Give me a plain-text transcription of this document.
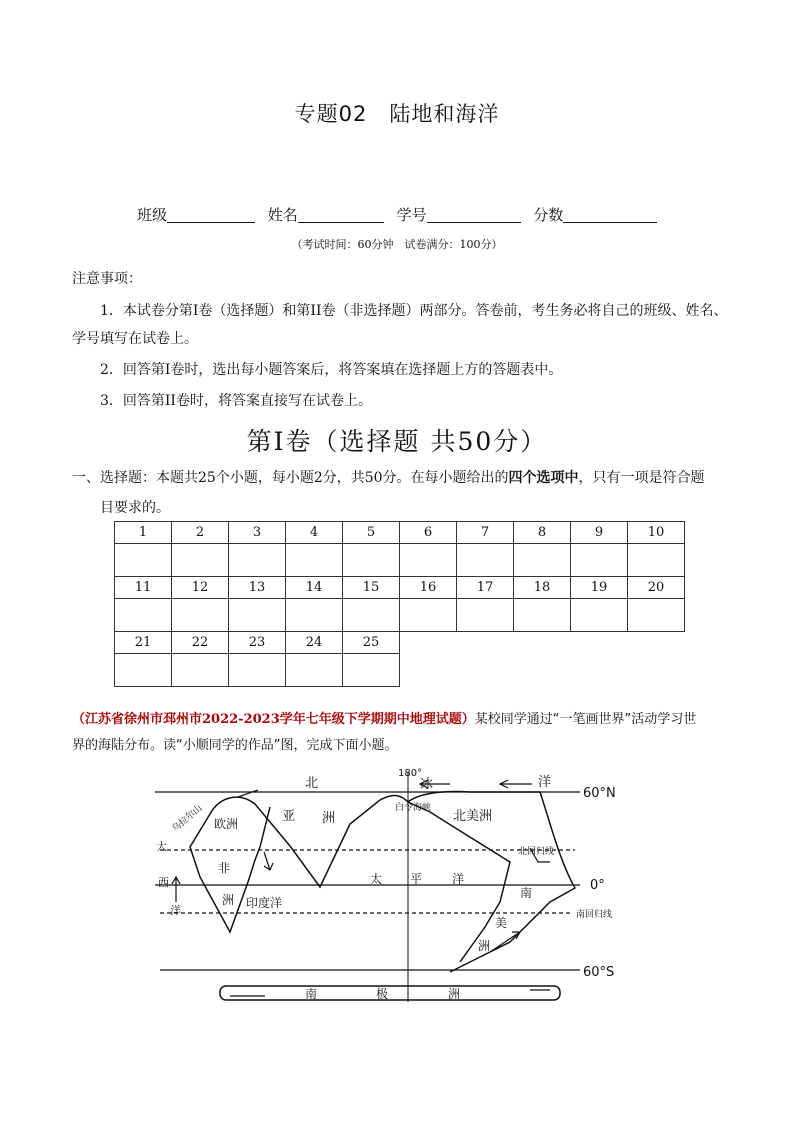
专题02 陆地和海洋
班级	姓名	学号	分数
（考试时间：60分钟　试卷满分：100分）
注意事项：
1．本试卷分第I卷（选择题）和第II卷（非选择题）两部分。答卷前，考生务必将自己的班级、姓名、
学号填写在试卷上。
2．回答第I卷时，选出每小题答案后，将答案填在选择题上方的答题表中。
3．回答第II卷时，将答案直接写在试卷上。
第I卷（选择题 共50分）
一、选择题：本题共25个小题，每小题2分，共50分。在每小题给出的四个选项中，只有一项是符合题
目要求的。
1	2	3	4	5	6	7	8	9	10

11	12	13	14	15	16	17	18	19	20

21	22	23	24	25					

（江苏省徐州市邳州市2022-2023学年七年级下学期期中地理试题）某校同学通过“一笔画世界”活动学习世
界的海陆分布。读“小顺同学的作品”图，完成下面小题。
60°N
北回归线
0°
南回归线
60°S
180°
北	冰	洋
乌拉尔山 欧洲	亚 洲
非
洲 印度洋
大
西
洋
太 平 洋
白令海峡
北美洲
南
美
洲
南	极	洲
